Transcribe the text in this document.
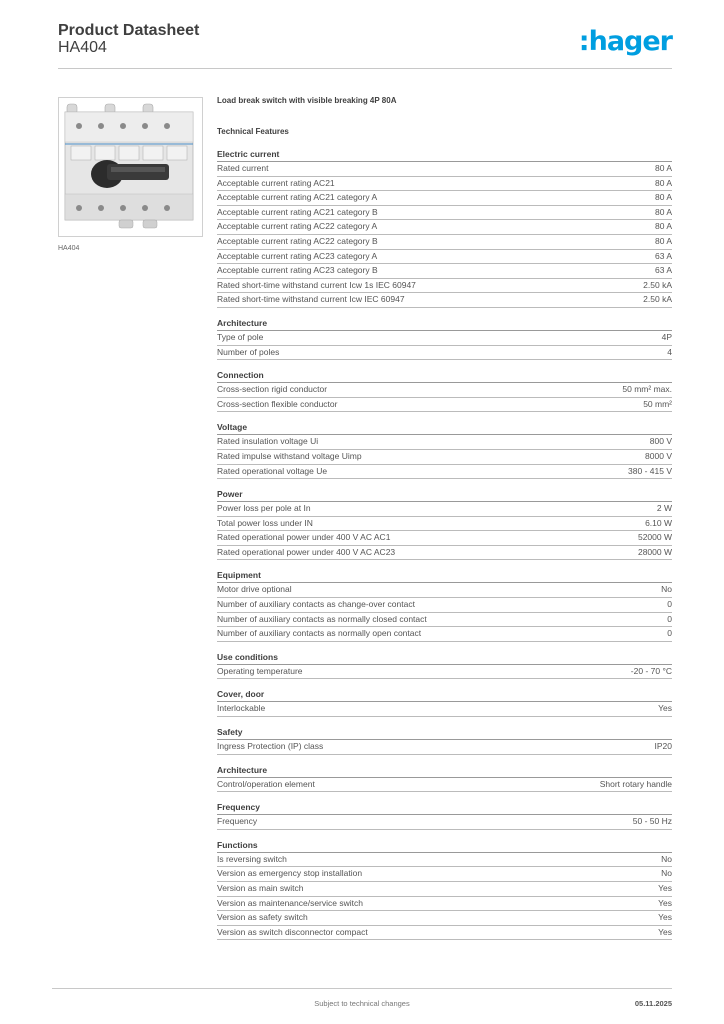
Product Datasheet
HA404	:hager
HA404
Load break switch with visible breaking 4P 80A
Technical Features
Electric current
Rated current	80 A
Acceptable current rating AC21	80 A
Acceptable current rating AC21 category A	80 A
Acceptable current rating AC21 category B	80 A
Acceptable current rating AC22 category A	80 A
Acceptable current rating AC22 category B	80 A
Acceptable current rating AC23 category A	63 A
Acceptable current rating AC23 category B	63 A
Rated short-time withstand current Icw 1s IEC 60947	2.50 kA
Rated short-time withstand current Icw IEC 60947	2.50 kA
Architecture
Type of pole	4P
Number of poles	4
Connection
Cross-section rigid conductor	50 mm² max.
Cross-section flexible conductor	50 mm²
Voltage
Rated insulation voltage Ui	800 V
Rated impulse withstand voltage Uimp	8000 V
Rated operational voltage Ue	380 - 415 V
Power
Power loss per pole at In	2 W
Total power loss under IN	6.10 W
Rated operational power under 400 V AC AC1	52000 W
Rated operational power under 400 V AC AC23	28000 W
Equipment
Motor drive optional	No
Number of auxiliary contacts as change-over contact	0
Number of auxiliary contacts as normally closed contact	0
Number of auxiliary contacts as normally open contact	0
Use conditions
Operating temperature	-20 - 70 °C
Cover, door
Interlockable	Yes
Safety
Ingress Protection (IP) class	IP20
Architecture
Control/operation element	Short rotary handle
Frequency
Frequency	50 - 50 Hz
Functions
Is reversing switch	No
Version as emergency stop installation	No
Version as main switch	Yes
Version as maintenance/service switch	Yes
Version as safety switch	Yes
Version as switch disconnector compact	Yes
Subject to technical changes	05.11.2025
